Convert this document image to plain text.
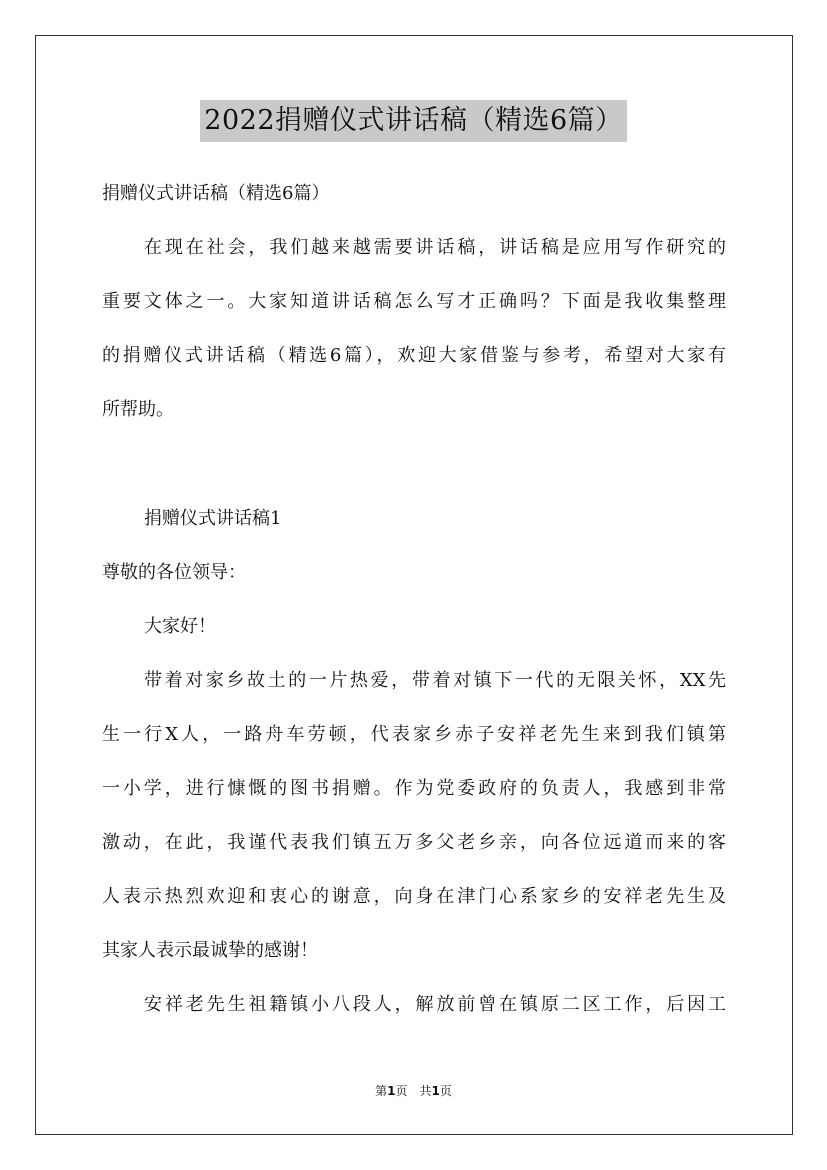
2022捐赠仪式讲话稿（精选6篇）
捐赠仪式讲话稿（精选6篇）
在现在社会，我们越来越需要讲话稿，讲话稿是应用写作研究的
重要文体之一。大家知道讲话稿怎么写才正确吗？下面是我收集整理
的捐赠仪式讲话稿（精选6篇），欢迎大家借鉴与参考，希望对大家有
所帮助。
捐赠仪式讲话稿1
尊敬的各位领导：
大家好！
带着对家乡故土的一片热爱，带着对镇下一代的无限关怀，XX先
生一行X人，一路舟车劳顿，代表家乡赤子安祥老先生来到我们镇第
一小学，进行慷慨的图书捐赠。作为党委政府的负责人，我感到非常
激动，在此，我谨代表我们镇五万多父老乡亲，向各位远道而来的客
人表示热烈欢迎和衷心的谢意，向身在津门心系家乡的安祥老先生及
其家人表示最诚挚的感谢！
安祥老先生祖籍镇小八段人，解放前曾在镇原二区工作，后因工
第1页 共1页
